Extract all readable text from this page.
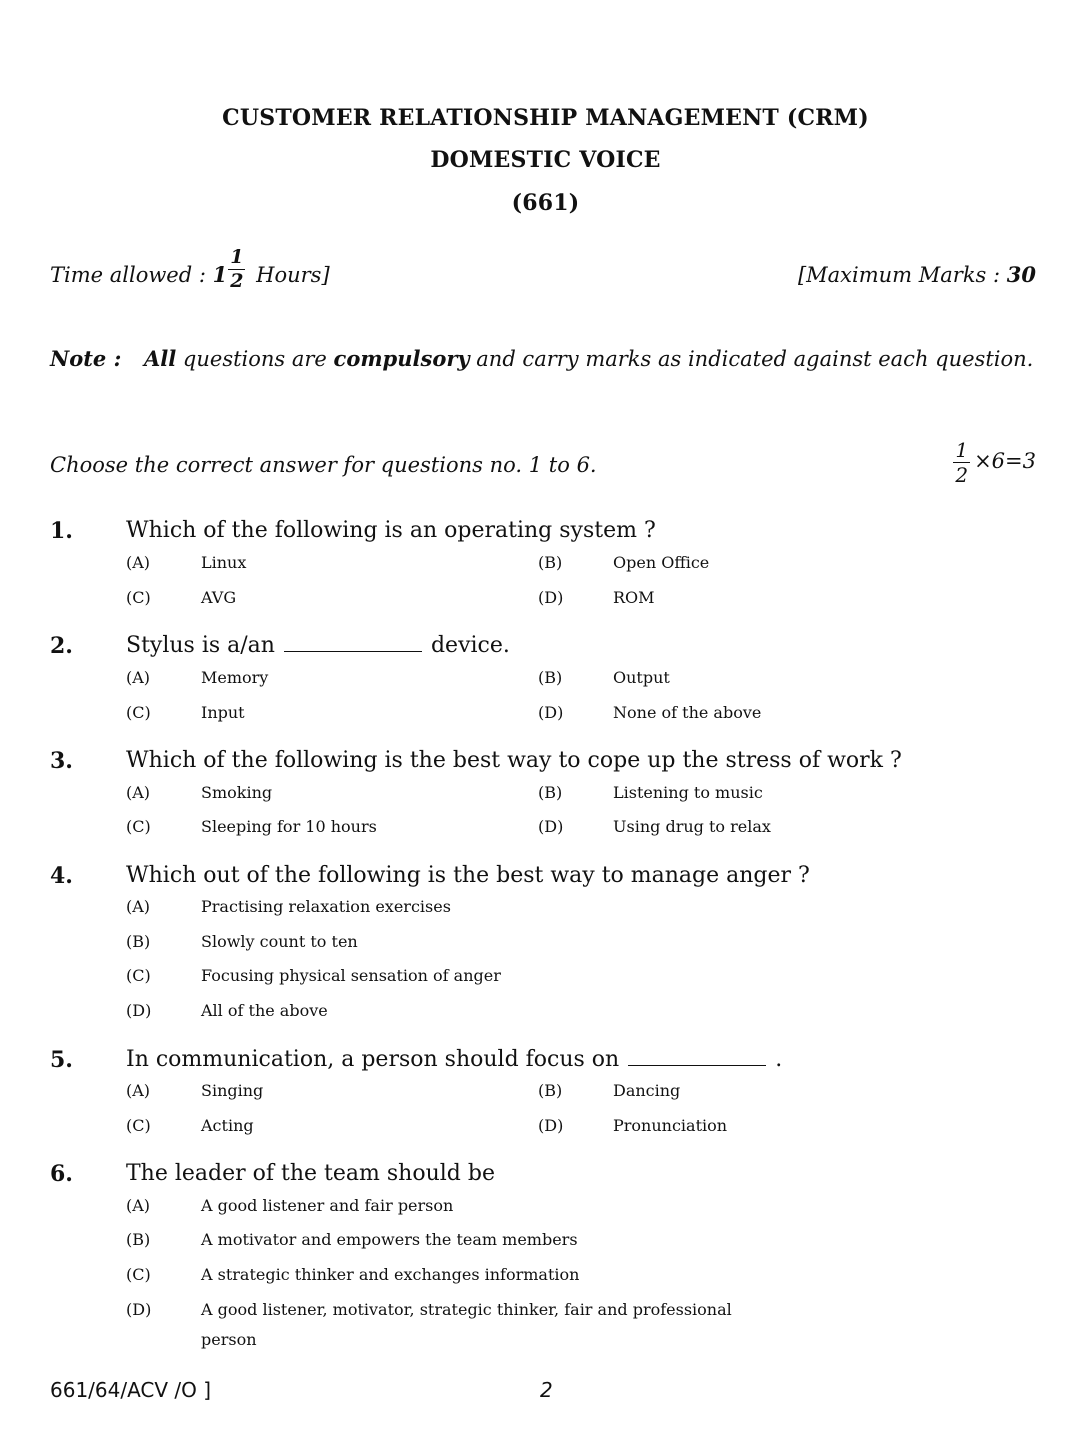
CUSTOMER RELATIONSHIP MANAGEMENT (CRM)
DOMESTIC VOICE
(661)
Time allowed : $1 \frac{1}{2}$ Hours]	[Maximum Marks : 30
Note : All questions are compulsory and carry marks as indicated against each question.
Choose the correct answer for questions no. 1 to 6.	$\frac{1}{2} \times 6=3$
1. Which of the following is an operating system ?
(A)	Linux	(B)	Open Office
(C)	AVG	(D)	ROM
2. Stylus is a/an	device.
(A)	Memory	(B)	Output
(C)	Input	(D)	None of the above
3. Which of the following is the best way to cope up the stress of work ?
(A)	Smoking	(B)	Listening to music
(C)	Sleeping for 10 hours	(D)	Using drug to relax
4. Which out of the following is the best way to manage anger ?
(A)	Practising relaxation exercises
(B)	Slowly count to ten
(C)	Focusing physical sensation of anger
(D)	All of the above
5. In communication, a person should focus on	.
(A)	Singing	(B)	Dancing
(C)	Acting	(D)	Pronunciation
6. The leader of the team should be
(A)	A good listener and fair person
(B)	A motivator and empowers the team members
(C)	A strategic thinker and exchanges information
(D)	A good listener, motivator, strategic thinker, fair and professional
person
661/64/ACV /O ]	2
